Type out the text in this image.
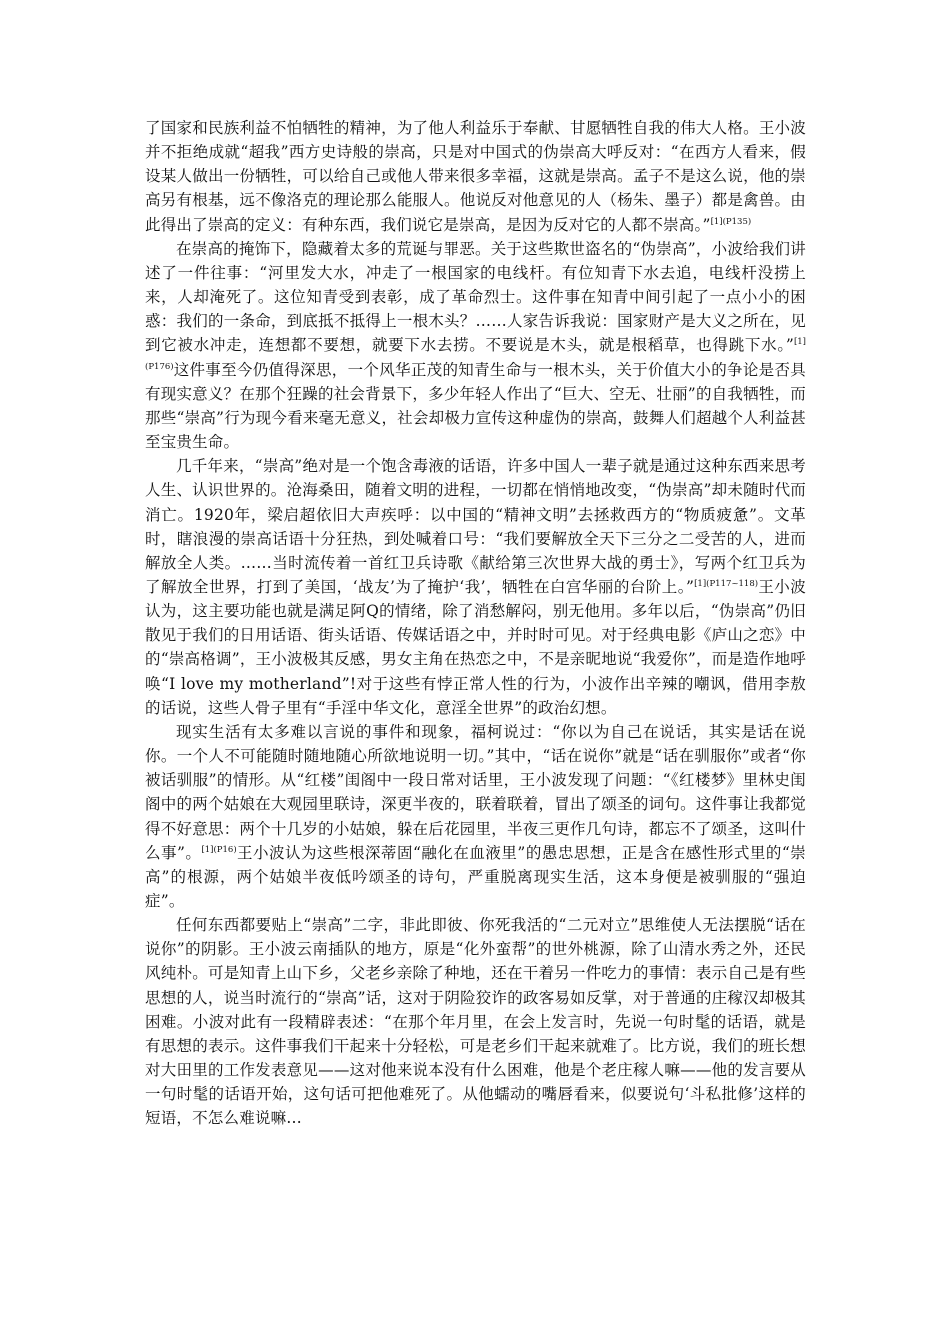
了国家和民族利益不怕牺牲的精神，为了他人利益乐于奉献、甘愿牺牲自我的伟大人格。王小波并不拒绝成就“超我”西方史诗般的崇高，只是对中国式的伪崇高大呼反对：“在西方人看来，假设某人做出一份牺牲，可以给自己或他人带来很多幸福，这就是崇高。孟子不是这么说，他的崇高另有根基，远不像洛克的理论那么能服人。他说反对他意见的人（杨朱、墨子）都是禽兽。由此得出了崇高的定义：有种东西，我们说它是崇高，是因为反对它的人都不崇高。”$^{[1](P135)}$

在崇高的掩饰下，隐藏着太多的荒诞与罪恶。关于这些欺世盗名的“伪崇高”，小波给我们讲述了一件往事：“河里发大水，冲走了一根国家的电线杆。有位知青下水去追，电线杆没捞上来，人却淹死了。这位知青受到表彰，成了革命烈士。这件事在知青中间引起了一点小小的困惑：我们的一条命，到底抵不抵得上一根木头？……人家告诉我说：国家财产是大义之所在，见到它被水冲走，连想都不要想，就要下水去捞。不要说是木头，就是根稻草，也得跳下水。”$^{[1](P176)}$这件事至今仍值得深思，一个风华正茂的知青生命与一根木头，关于价值大小的争论是否具有现实意义？在那个狂躁的社会背景下，多少年轻人作出了“巨大、空无、壮丽”的自我牺牲，而那些“崇高”行为现今看来毫无意义，社会却极力宣传这种虚伪的崇高，鼓舞人们超越个人利益甚至宝贵生命。

几千年来，“崇高”绝对是一个饱含毒液的话语，许多中国人一辈子就是通过这种东西来思考人生、认识世界的。沧海桑田，随着文明的进程，一切都在悄悄地改变，“伪崇高”却未随时代而消亡。1920年，梁启超依旧大声疾呼：以中国的“精神文明”去拯救西方的“物质疲惫”。文革时，瞎浪漫的崇高话语十分狂热，到处喊着口号：“我们要解放全天下三分之二受苦的人，进而解放全人类。……当时流传着一首红卫兵诗歌《献给第三次世界大战的勇士》，写两个红卫兵为了解放全世界，打到了美国，‘战友’为了掩护‘我’，牺牲在白宫华丽的台阶上。”$^{[1](P117\sim 118)}$王小波认为，这主要功能也就是满足阿Q的情绪，除了消愁解闷，别无他用。多年以后，“伪崇高”仍旧散见于我们的日用话语、街头话语、传媒话语之中，并时时可见。对于经典电影《庐山之恋》中的“崇高格调”，王小波极其反感，男女主角在热恋之中，不是亲昵地说“我爱你”，而是造作地呼唤“I love my motherland”!对于这些有悖正常人性的行为，小波作出辛辣的嘲讽，借用李敖的话说，这些人骨子里有“手淫中华文化，意淫全世界”的政治幻想。

现实生活有太多难以言说的事件和现象，福柯说过：“你以为自己在说话，其实是话在说你。一个人不可能随时随地随心所欲地说明一切。”其中，“话在说你”就是“话在驯服你”或者“你被话驯服”的情形。从“红楼”闺阁中一段日常对话里，王小波发现了问题：“《红楼梦》里林史闺阁中的两个姑娘在大观园里联诗，深更半夜的，联着联着，冒出了颂圣的词句。这件事让我都觉得不好意思：两个十几岁的小姑娘，躲在后花园里，半夜三更作几句诗，都忘不了颂圣，这叫什么事”。$^{[1](P16)}$王小波认为这些根深蒂固“融化在血液里”的愚忠思想，正是含在感性形式里的“崇高”的根源，两个姑娘半夜低吟颂圣的诗句，严重脱离现实生活，这本身便是被驯服的“强迫症”。

任何东西都要贴上“崇高”二字，非此即彼、你死我活的“二元对立”思维使人无法摆脱“话在说你”的阴影。王小波云南插队的地方，原是“化外蛮帮”的世外桃源，除了山清水秀之外，还民风纯朴。可是知青上山下乡，父老乡亲除了种地，还在干着另一件吃力的事情：表示自己是有些思想的人，说当时流行的“崇高”话，这对于阴险狡诈的政客易如反掌，对于普通的庄稼汉却极其困难。小波对此有一段精辟表述：“在那个年月里，在会上发言时，先说一句时髦的话语，就是有思想的表示。这件事我们干起来十分轻松，可是老乡们干起来就难了。比方说，我们的班长想对大田里的工作发表意见——这对他来说本没有什么困难，他是个老庄稼人嘛——他的发言要从一句时髦的话语开始，这句话可把他难死了。从他蠕动的嘴唇看来，似要说句‘斗私批修’这样的短语，不怎么难说嘛…
